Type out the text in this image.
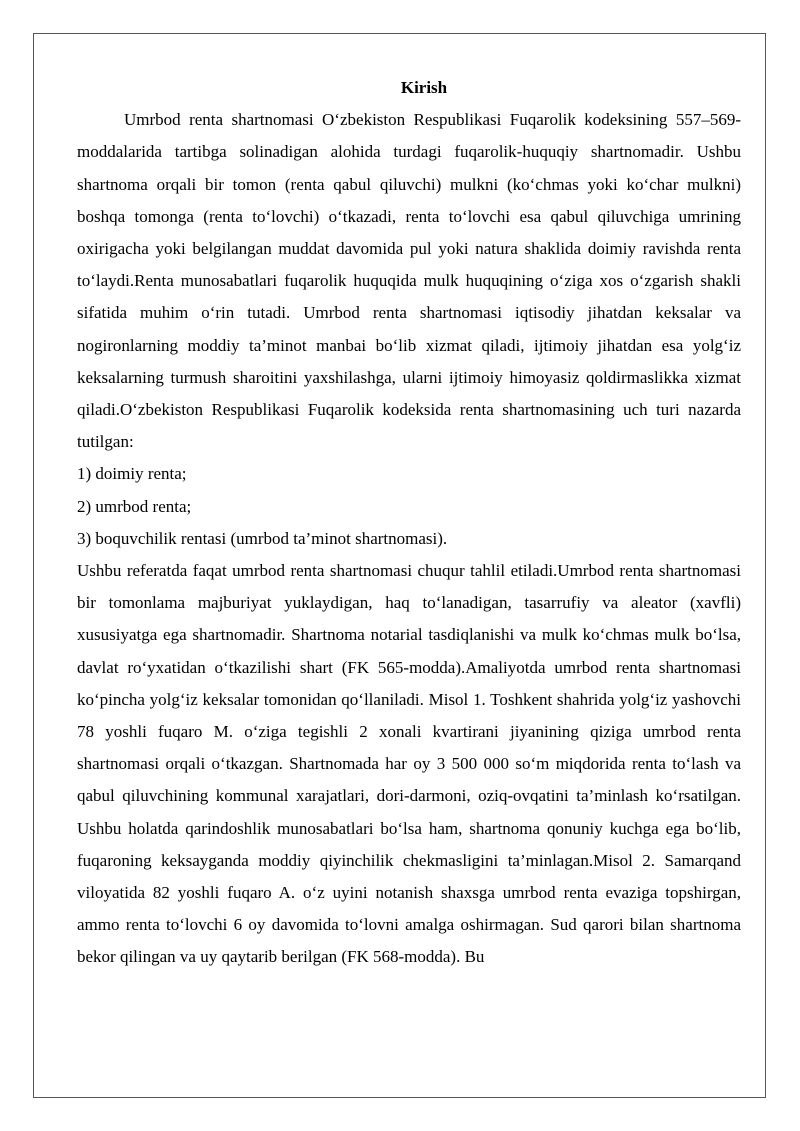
Kirish

Umrbod renta shartnomasi O‘zbekiston Respublikasi Fuqarolik kodeksining 557–569-moddalarida tartibga solinadigan alohida turdagi fuqarolik-huquqiy shartnomadir. Ushbu shartnoma orqali bir tomon (renta qabul qiluvchi) mulkni (ko‘chmas yoki ko‘char mulkni) boshqa tomonga (renta to‘lovchi) o‘tkazadi, renta to‘lovchi esa qabul qiluvchiga umrining oxirigacha yoki belgilangan muddat davomida pul yoki natura shaklida doimiy ravishda renta to‘laydi.Renta munosabatlari fuqarolik huquqida mulk huquqining o‘ziga xos o‘zgarish shakli sifatida muhim o‘rin tutadi. Umrbod renta shartnomasi iqtisodiy jihatdan keksalar va nogironlarning moddiy ta’minot manbai bo‘lib xizmat qiladi, ijtimoiy jihatdan esa yolg‘iz keksalarning turmush sharoitini yaxshilashga, ularni ijtimoiy himoyasiz qoldirmaslikka xizmat qiladi.O‘zbekiston Respublikasi Fuqarolik kodeksida renta shartnomasining uch turi nazarda tutilgan:

1) doimiy renta;

2) umrbod renta;

3) boquvchilik rentasi (umrbod ta’minot shartnomasi).

Ushbu referatda faqat umrbod renta shartnomasi chuqur tahlil etiladi.Umrbod renta shartnomasi bir tomonlama majburiyat yuklaydigan, haq to‘lanadigan, tasarrufiy va aleator (xavfli) xususiyatga ega shartnomadir. Shartnoma notarial tasdiqlanishi va mulk ko‘chmas mulk bo‘lsa, davlat ro‘yxatidan o‘tkazilishi shart (FK 565-modda).Amaliyotda umrbod renta shartnomasi ko‘pincha yolg‘iz keksalar tomonidan qo‘llaniladi. Misol 1. Toshkent shahrida yolg‘iz yashovchi 78 yoshli fuqaro M. o‘ziga tegishli 2 xonali kvartirani jiyanining qiziga umrbod renta shartnomasi orqali o‘tkazgan. Shartnomada har oy 3 500 000 so‘m miqdorida renta to‘lash va qabul qiluvchining kommunal xarajatlari, dori-darmoni, oziq-ovqatini ta’minlash ko‘rsatilgan. Ushbu holatda qarindoshlik munosabatlari bo‘lsa ham, shartnoma qonuniy kuchga ega bo‘lib, fuqaroning keksayganda moddiy qiyinchilik chekmasligini ta’minlagan.Misol 2. Samarqand viloyatida 82 yoshli fuqaro A. o‘z uyini notanish shaxsga umrbod renta evaziga topshirgan, ammo renta to‘lovchi 6 oy davomida to‘lovni amalga oshirmagan. Sud qarori bilan shartnoma bekor qilingan va uy qaytarib berilgan (FK 568-modda). Bu
